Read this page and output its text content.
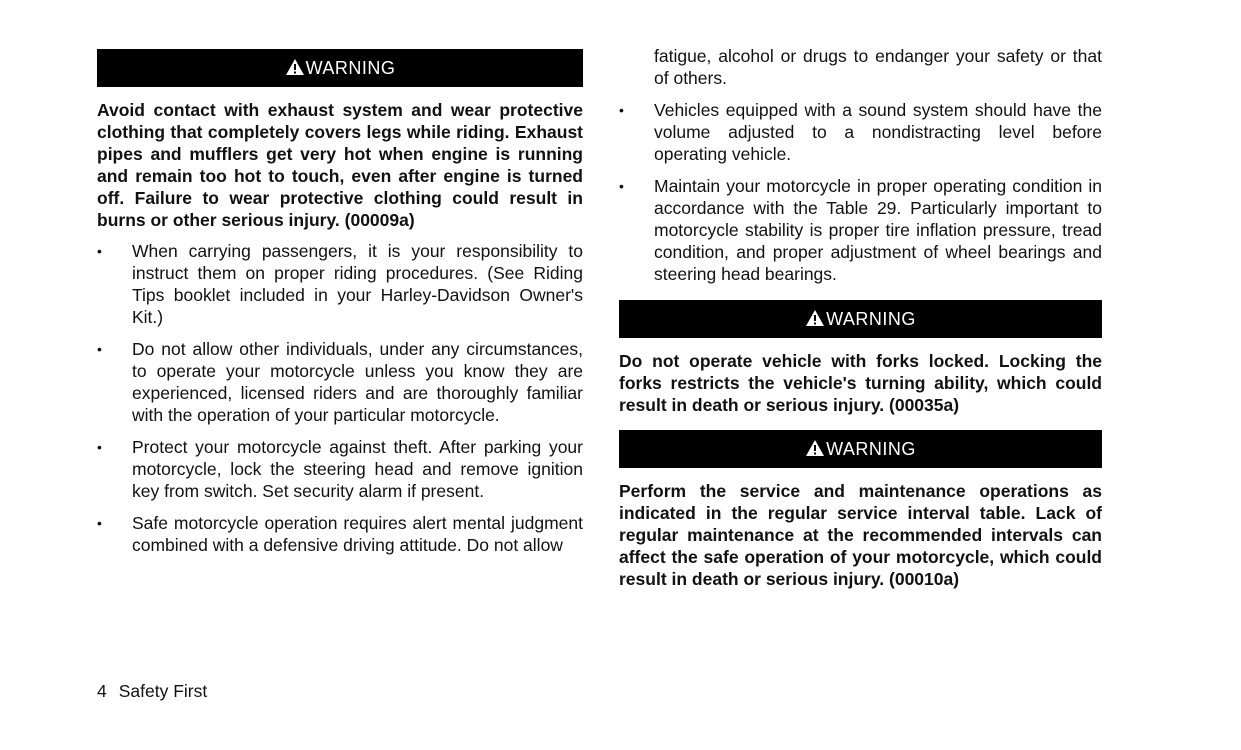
WARNING

Avoid contact with exhaust system and wear protective clothing that completely covers legs while riding. Exhaust pipes and mufflers get very hot when engine is running and remain too hot to touch, even after engine is turned off. Failure to wear protective clothing could result in burns or other serious injury. (00009a)

• When carrying passengers, it is your responsibility to instruct them on proper riding procedures. (See Riding Tips booklet included in your Harley-Davidson Owner's Kit.)
• Do not allow other individuals, under any circumstances, to operate your motorcycle unless you know they are experienced, licensed riders and are thoroughly familiar with the operation of your particular motorcycle.
• Protect your motorcycle against theft. After parking your motorcycle, lock the steering head and remove ignition key from switch. Set security alarm if present.
• Safe motorcycle operation requires alert mental judgment combined with a defensive driving attitude. Do not allow

fatigue, alcohol or drugs to endanger your safety or that of others.

• Vehicles equipped with a sound system should have the volume adjusted to a nondistracting level before operating vehicle.
• Maintain your motorcycle in proper operating condition in accordance with the Table 29. Particularly important to motorcycle stability is proper tire inflation pressure, tread condition, and proper adjustment of wheel bearings and steering head bearings.
WARNING

Do not operate vehicle with forks locked. Locking the forks restricts the vehicle's turning ability, which could result in death or serious injury. (00035a)

WARNING

Perform the service and maintenance operations as indicated in the regular service interval table. Lack of regular maintenance at the recommended intervals can affect the safe operation of your motorcycle, which could result in death or serious injury. (00010a)

4 Safety First
